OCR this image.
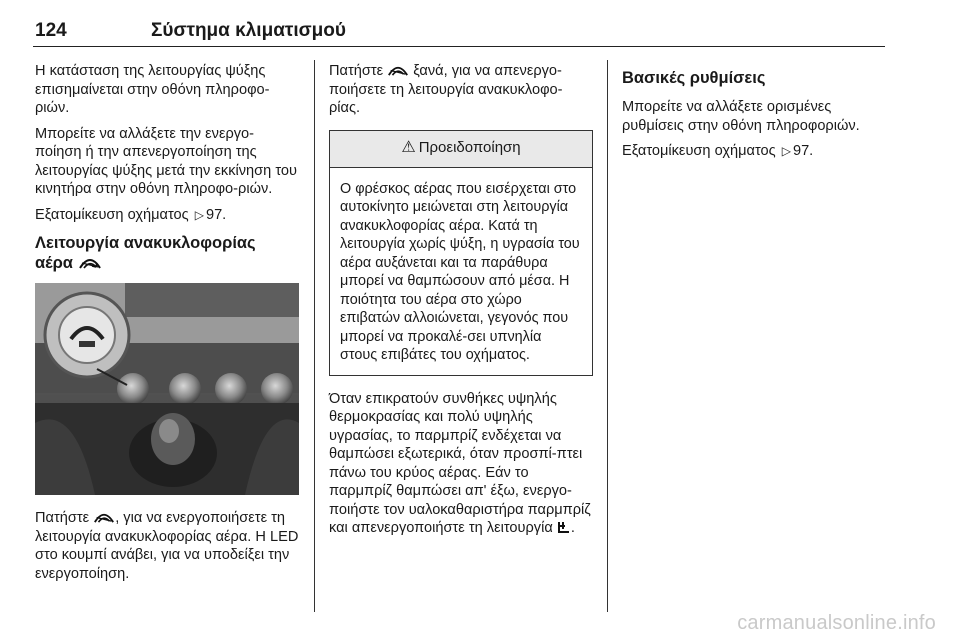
124	Σύστημα κλιματισμού

Η κατάσταση της λειτουργίας ψύξης επισημαίνεται στην οθόνη πληροφο-ριών.

Μπορείτε να αλλάξετε την ενεργο-ποίηση ή την απενεργοποίηση της λειτουργίας ψύξης μετά την εκκίνηση του κινητήρα στην οθόνη πληροφο-ριών.

Εξατομίκευση οχήματος ▷ 97.

Λειτουργία ανακυκλοφορίας
αέρα

Πατήστε , για να ενεργοποιήσετε τη λειτουργία ανακυκλοφορίας αέρα. Η LED στο κουμπί ανάβει, για να υποδείξει την ενεργοποίηση.

Πατήστε ξανά, για να απενεργο-ποιήσετε τη λειτουργία ανακυκλοφο-ρίας.

⚠ Προειδοποίηση
Ο φρέσκος αέρας που εισέρχεται στο αυτοκίνητο μειώνεται στη λειτουργία ανακυκλοφορίας αέρα. Κατά τη λειτουργία χωρίς ψύξη, η υγρασία του αέρα αυξάνεται και τα παράθυρα μπορεί να θαμπώσουν από μέσα. Η ποιότητα του αέρα στο χώρο επιβατών αλλοιώνεται, γεγονός που μπορεί να προκαλέ-σει υπνηλία στους επιβάτες του οχήματος.

Όταν επικρατούν συνθήκες υψηλής θερμοκρασίας και πολύ υψηλής υγρασίας, το παρμπρίζ ενδέχεται να θαμπώσει εξωτερικά, όταν προσπί-πτει πάνω του κρύος αέρας. Εάν το παρμπρίζ θαμπώσει απ' έξω, ενεργο-ποιήστε τον υαλοκαθαριστήρα παρμπρίζ και απενεργοποιήστε τη λειτουργία .

Βασικές ρυθμίσεις

Μπορείτε να αλλάξετε ορισμένες ρυθμίσεις στην οθόνη πληροφοριών.

Εξατομίκευση οχήματος ▷ 97.

carmanualsonline.info
